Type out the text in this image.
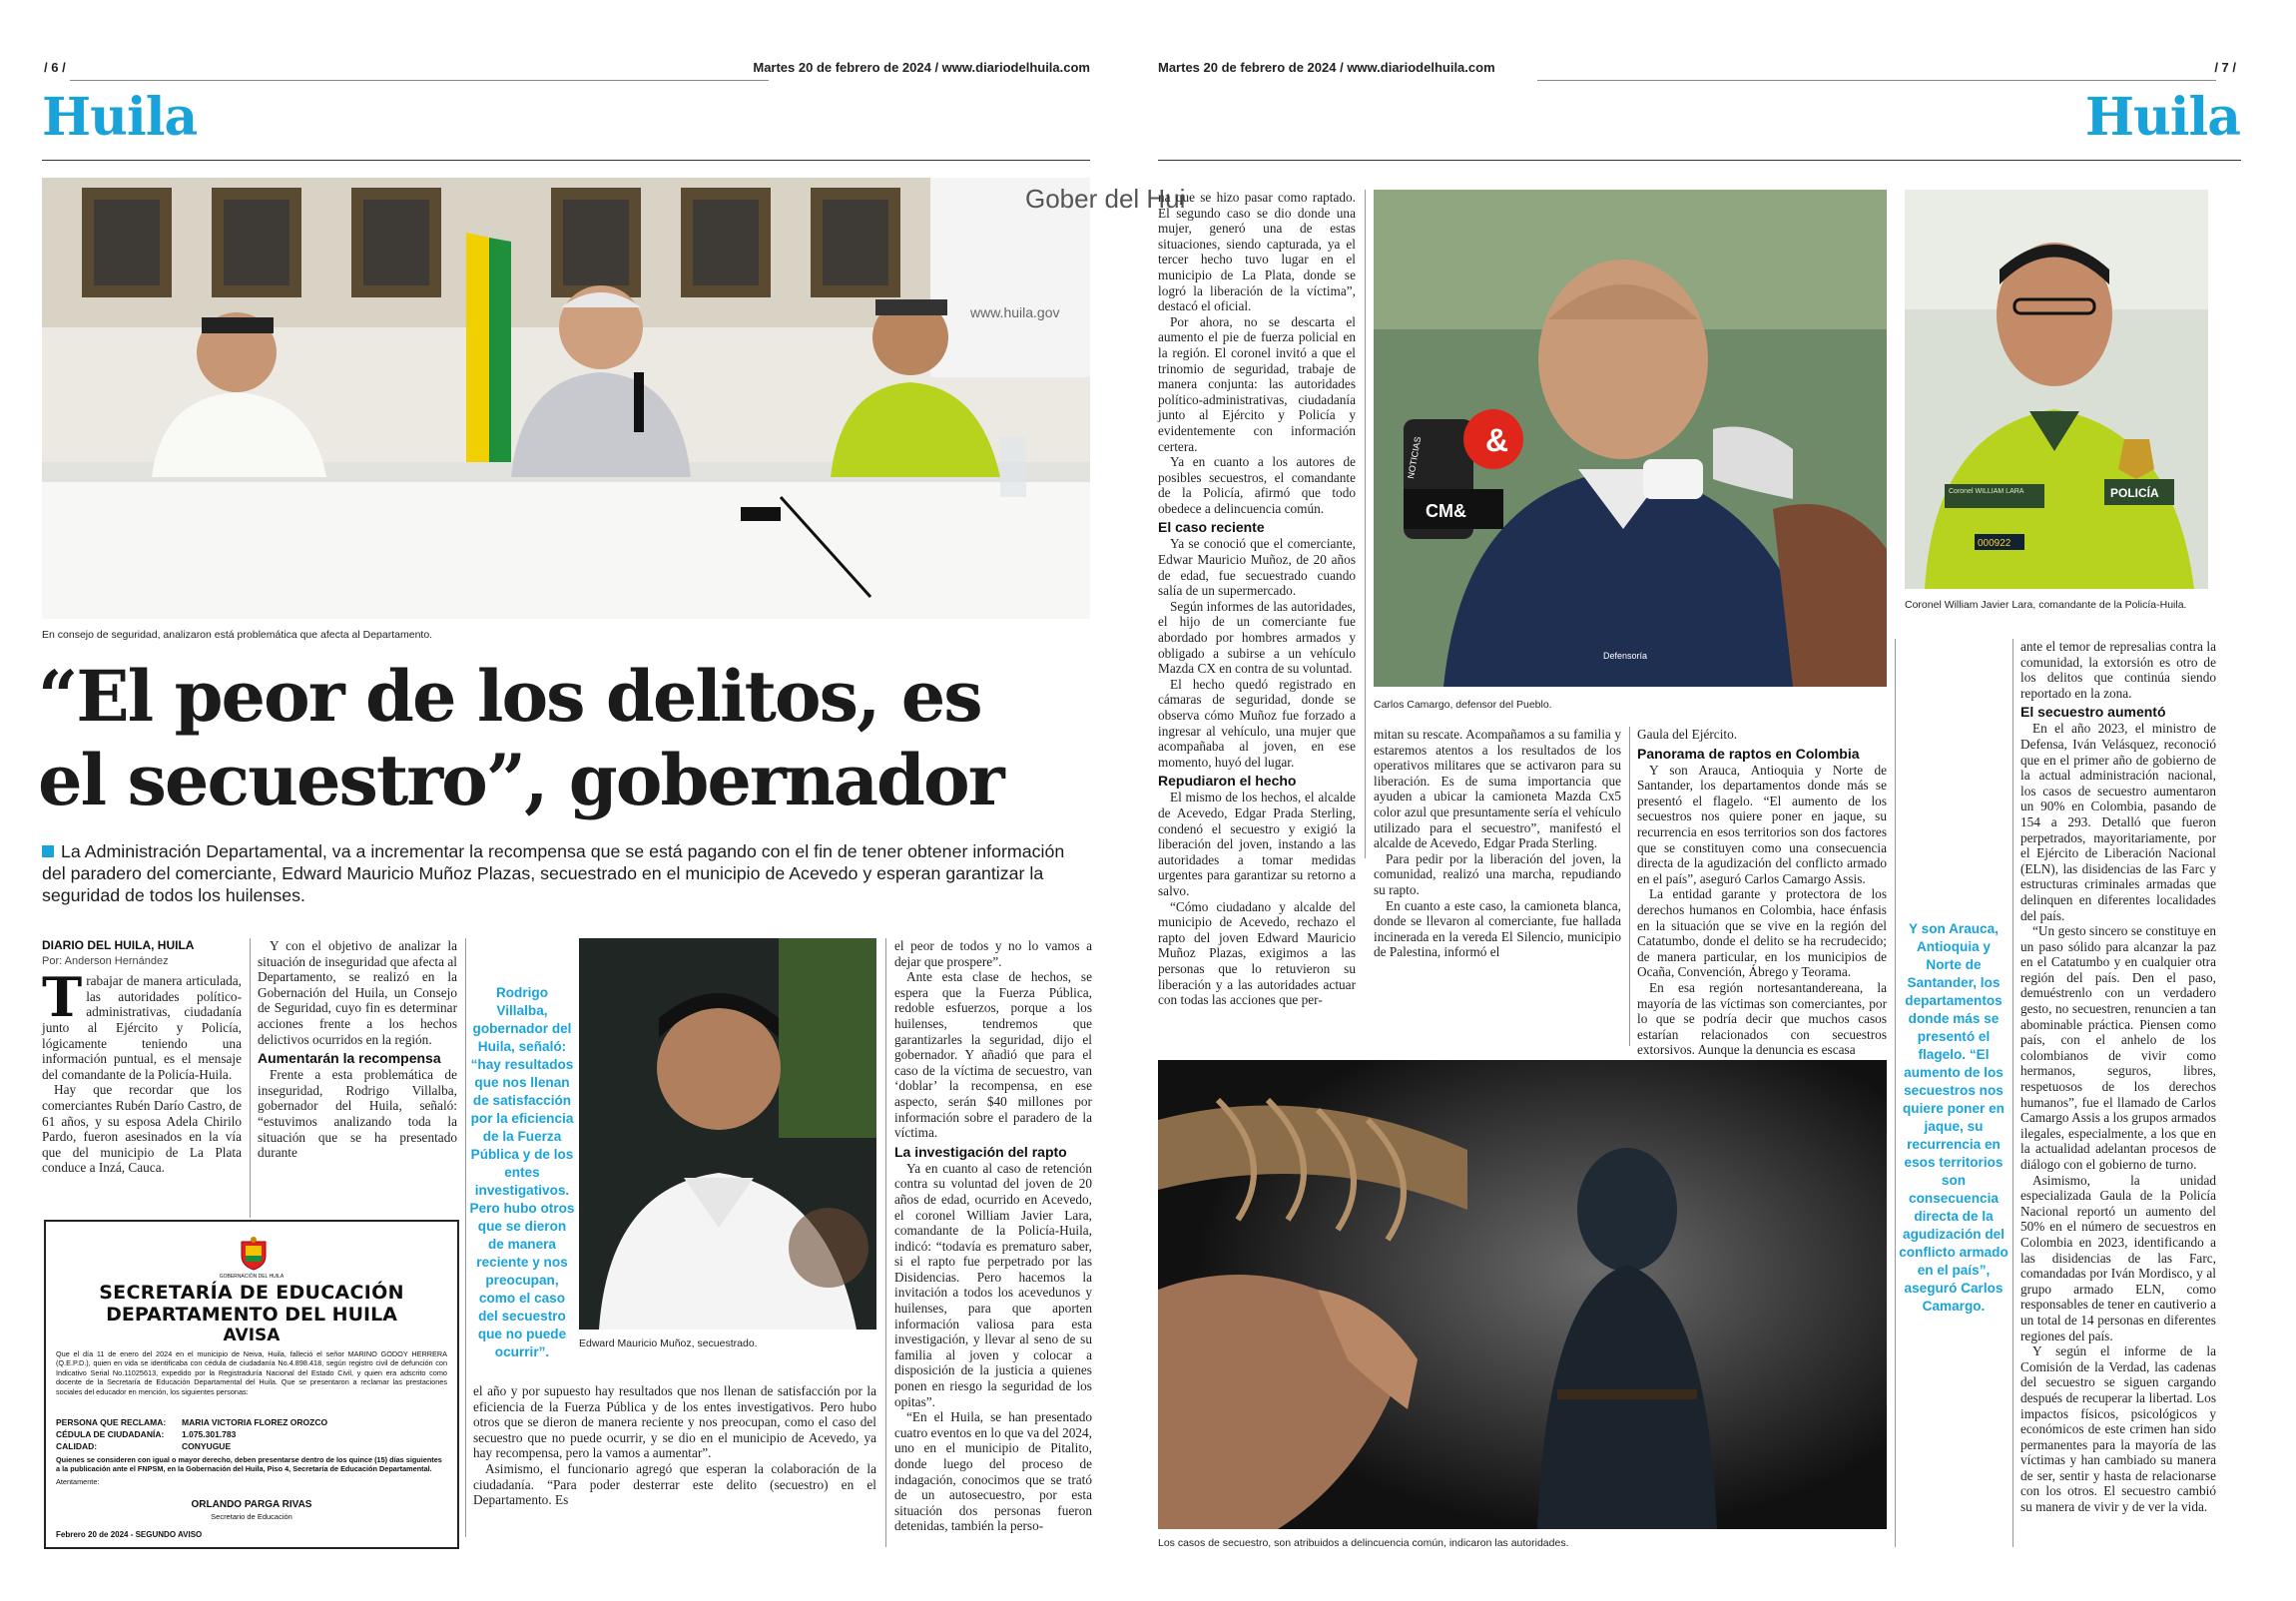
/ 6 /	Martes 20 de febrero de 2024 / www.diariodelhuila.com
Huila
Gober del Hui
www.huila.gov
En consejo de seguridad, analizaron está problemática que afecta al Departamento.
“El peor de los delitos, es
el secuestro”, gobernador
La Administración Departamental, va a incrementar la recompensa que se está pagando con el fin de tener obtener información del paradero del comerciante, Edward Mauricio Muñoz Plazas, secuestrado en el municipio de Acevedo y esperan garantizar la seguridad de todos los huilenses.
DIARIO DEL HUILA, HUILA
Por: Anderson Hernández

Trabajar de manera articulada, las autoridades político-administrativas, ciudadanía junto al Ejército y Policía, lógicamente teniendo una información puntual, es el mensaje del comandante de la Policía-Huila.

Hay que recordar que los comerciantes Rubén Darío Castro, de 61 años, y su esposa Adela Chirilo Pardo, fueron asesinados en la vía que del municipio de La Plata conduce a Inzá, Cauca.

Y con el objetivo de analizar la situación de inseguridad que afecta al Departamento, se realizó en la Gobernación del Huila, un Consejo de Seguridad, cuyo fin es determinar acciones frente a los hechos delictivos ocurridos en la región.

Aumentarán la recompensa

Frente a esta problemática de inseguridad, Rodrigo Villalba, gobernador del Huila, señaló: “estuvimos analizando toda la situación que se ha presentado durante

Rodrigo Villalba, gobernador del Huila, señaló: “hay resultados que nos llenan de satisfacción por la eficiencia de la Fuerza Pública y de los entes investigativos. Pero hubo otros que se dieron de manera reciente y nos preocupan, como el caso del secuestro que no puede ocurrir”.
Edward Mauricio Muñoz, secuestrado.

el año y por supuesto hay resultados que nos llenan de satisfacción por la eficiencia de la Fuerza Pública y de los entes investigativos. Pero hubo otros que se dieron de manera reciente y nos preocupan, como el caso del secuestro que no puede ocurrir, y se dio en el municipio de Acevedo, ya hay recompensa, pero la vamos a aumentar”.

Asimismo, el funcionario agregó que esperan la colaboración de la ciudadanía. “Para poder desterrar este delito (secuestro) en el Departamento. Es

el peor de todos y no lo vamos a dejar que prospere”.

Ante esta clase de hechos, se espera que la Fuerza Pública, redoble esfuerzos, porque a los huilenses, tendremos que garantizarles la seguridad, dijo el gobernador. Y añadió que para el caso de la víctima de secuestro, van ‘doblar’ la recompensa, en ese aspecto, serán $40 millones por información sobre el paradero de la víctima.

La investigación del rapto

Ya en cuanto al caso de retención contra su voluntad del joven de 20 años de edad, ocurrido en Acevedo, el coronel William Javier Lara, comandante de la Policía-Huila, indicó: “todavía es prematuro saber, si el rapto fue perpetrado por las Disidencias. Pero hacemos la invitación a todos los acevedunos y huilenses, para que aporten información valiosa para esta investigación, y llevar al seno de su familia al joven y colocar a disposición de la justicia a quienes ponen en riesgo la seguridad de los opitas”.

“En el Huila, se han presentado cuatro eventos en lo que va del 2024, uno en el municipio de Pitalito, donde luego del proceso de indagación, conocimos que se trató de un autosecuestro, por esta situación dos personas fueron detenidas, también la perso-

GOBERNACIÓN DEL HUILA
SECRETARÍA DE EDUCACIÓN
DEPARTAMENTO DEL HUILA
AVISA
Que el día 11 de enero del 2024 en el municipio de Neiva, Huila, falleció el señor MARINO GODOY HERRERA (Q.E.P.D.), quien en vida se identificaba con cédula de ciudadanía No.4.898.418, según registro civil de defunción con Indicativo Serial No.11025613, expedido por la Registraduría Nacional del Estado Civil, y quien era adscrito como docente de la Secretaría de Educación Departamental del Huila. Que se presentaron a reclamar las prestaciones sociales del educador en mención, los siguientes personas:
PERSONA QUE RECLAMA: MARIA VICTORIA FLOREZ OROZCO
CÉDULA DE CIUDADANÍA: 1.075.301.783
CALIDAD:	CONYUGUE
Quienes se consideren con igual o mayor derecho, deben presentarse dentro de los quince (15) días siguientes a la publicación ante el FNPSM, en la Gobernación del Huila, Piso 4, Secretaría de Educación Departamental.
Atentamente:
ORLANDO PARGA RIVAS
Secretario de Educación
Febrero 20 de 2024 - SEGUNDO AVISO
Martes 20 de febrero de 2024 / www.diariodelhuila.com	/ 7 /
Huila

na que se hizo pasar como raptado. El segundo caso se dio donde una mujer, generó una de estas situaciones, siendo capturada, ya el tercer hecho tuvo lugar en el municipio de La Plata, donde se logró la liberación de la víctima”, destacó el oficial.

Por ahora, no se descarta el aumento el pie de fuerza policial en la región. El coronel invitó a que el trinomio de seguridad, trabaje de manera conjunta: las autoridades político-administrativas, ciudadanía junto al Ejército y Policía y evidentemente con información certera.

Ya en cuanto a los autores de posibles secuestros, el comandante de la Policía, afirmó que todo obedece a delincuencia común.

El caso reciente

Ya se conoció que el comerciante, Edwar Mauricio Muñoz, de 20 años de edad, fue secuestrado cuando salía de un supermercado.

Según informes de las autoridades, el hijo de un comerciante fue abordado por hombres armados y obligado a subirse a un vehículo Mazda CX en contra de su voluntad.

El hecho quedó registrado en cámaras de seguridad, donde se observa cómo Muñoz fue forzado a ingresar al vehículo, una mujer que acompañaba al joven, en ese momento, huyó del lugar.

Repudiaron el hecho

El mismo de los hechos, el alcalde de Acevedo, Edgar Prada Sterling, condenó el secuestro y exigió la liberación del joven, instando a las autoridades a tomar medidas urgentes para garantizar su retorno a salvo.

“Cómo ciudadano y alcalde del municipio de Acevedo, rechazo el rapto del joven Edward Mauricio Muñoz Plazas, exigimos a las personas que lo retuvieron su liberación y a las autoridades actuar con todas las acciones que per-

&
CM&
NOTICIAS
Defensoría
Carlos Camargo, defensor del Pueblo.
Coronel WILLIAM LARA	POLICÍA
000922
Coronel William Javier Lara, comandante de la Policía-Huila.

mitan su rescate. Acompañamos a su familia y estaremos atentos a los resultados de los operativos militares que se activaron para su liberación. Es de suma importancia que ayuden a ubicar la camioneta Mazda Cx5 color azul que presuntamente sería el vehículo utilizado para el secuestro”, manifestó el alcalde de Acevedo, Edgar Prada Sterling.

Para pedir por la liberación del joven, la comunidad, realizó una marcha, repudiando su rapto.

En cuanto a este caso, la camioneta blanca, donde se llevaron al comerciante, fue hallada incinerada en la vereda El Silencio, municipio de Palestina, informó el

Gaula del Ejército.

Panorama de raptos en Colombia

Y son Arauca, Antioquia y Norte de Santander, los departamentos donde más se presentó el flagelo. “El aumento de los secuestros nos quiere poner en jaque, su recurrencia en esos territorios son dos factores que se constituyen como una consecuencia directa de la agudización del conflicto armado en el país”, aseguró Carlos Camargo Assis.

La entidad garante y protectora de los derechos humanos en Colombia, hace énfasis en la situación que se vive en la región del Catatumbo, donde el delito se ha recrudecido; de manera particular, en los municipios de Ocaña, Convención, Ábrego y Teorama.

En esa región nortesantandereana, la mayoría de las víctimas son comerciantes, por lo que se podría decir que muchos casos estarían relacionados con secuestros extorsivos. Aunque la denuncia es escasa

Los casos de secuestro, son atribuidos a delincuencia común, indicaron las autoridades.
Y son Arauca, Antioquia y Norte de Santander, los departamentos donde más se presentó el flagelo. “El aumento de los secuestros nos quiere poner en jaque, su recurrencia en esos territorios son consecuencia directa de la agudización del conflicto armado en el país”, aseguró Carlos Camargo.

ante el temor de represalias contra la comunidad, la extorsión es otro de los delitos que continúa siendo reportado en la zona.

El secuestro aumentó

En el año 2023, el ministro de Defensa, Iván Velásquez, reconoció que en el primer año de gobierno de la actual administración nacional, los casos de secuestro aumentaron un 90% en Colombia, pasando de 154 a 293. Detalló que fueron perpetrados, mayoritariamente, por el Ejército de Liberación Nacional (ELN), las disidencias de las Farc y estructuras criminales armadas que delinquen en diferentes localidades del país.

“Un gesto sincero se constituye en un paso sólido para alcanzar la paz en el Catatumbo y en cualquier otra región del país. Den el paso, demuéstrenlo con un verdadero gesto, no secuestren, renuncien a tan abominable práctica. Piensen como país, con el anhelo de los colombianos de vivir como hermanos, seguros, libres, respetuosos de los derechos humanos”, fue el llamado de Carlos Camargo Assis a los grupos armados ilegales, especialmente, a los que en la actualidad adelantan procesos de diálogo con el gobierno de turno.

Asimismo, la unidad especializada Gaula de la Policía Nacional reportó un aumento del 50% en el número de secuestros en Colombia en 2023, identificando a las disidencias de las Farc, comandadas por Iván Mordisco, y al grupo armado ELN, como responsables de tener en cautiverio a un total de 14 personas en diferentes regiones del país.

Y según el informe de la Comisión de la Verdad, las cadenas del secuestro se siguen cargando después de recuperar la libertad. Los impactos físicos, psicológicos y económicos de este crimen han sido permanentes para la mayoría de las víctimas y han cambiado su manera de ser, sentir y hasta de relacionarse con los otros. El secuestro cambió su manera de vivir y de ver la vida.
